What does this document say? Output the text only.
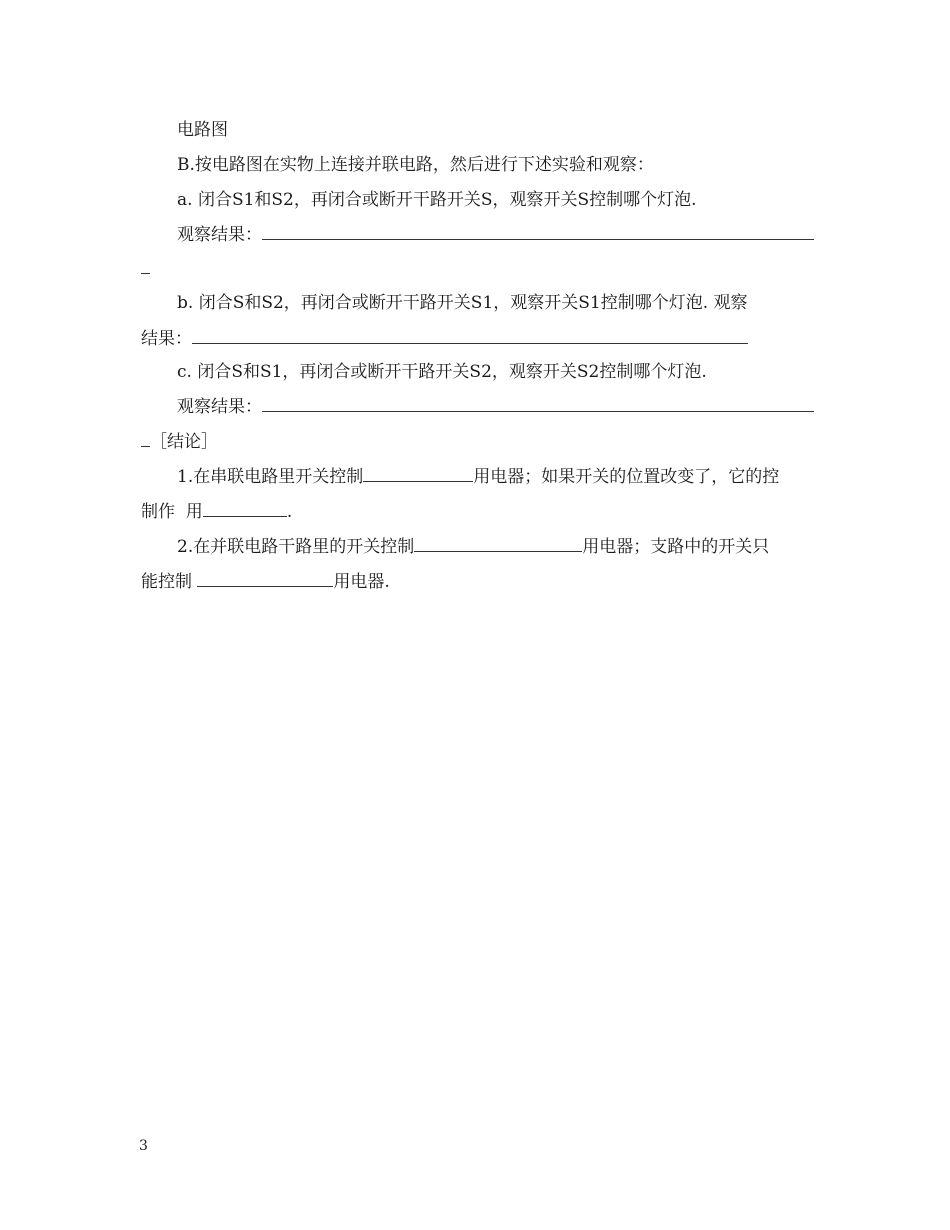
电路图
B.按电路图在实物上连接并联电路，然后进行下述实验和观察：
a. 闭合S1和S2，再闭合或断开干路开关S，观察开关S控制哪个灯泡.
观察结果：
b. 闭合S和S2，再闭合或断开干路开关S1，观察开关S1控制哪个灯泡. 观察
结果：
c. 闭合S和S1，再闭合或断开干路开关S2，观察开关S2控制哪个灯泡.
观察结果：
［结论］
1.在串联电路里开关控制	用电器；如果开关的位置改变了，它的控
制作  用	.
2.在并联电路干路里的开关控制	用电器；支路中的开关只
能控制	用电器.
3
